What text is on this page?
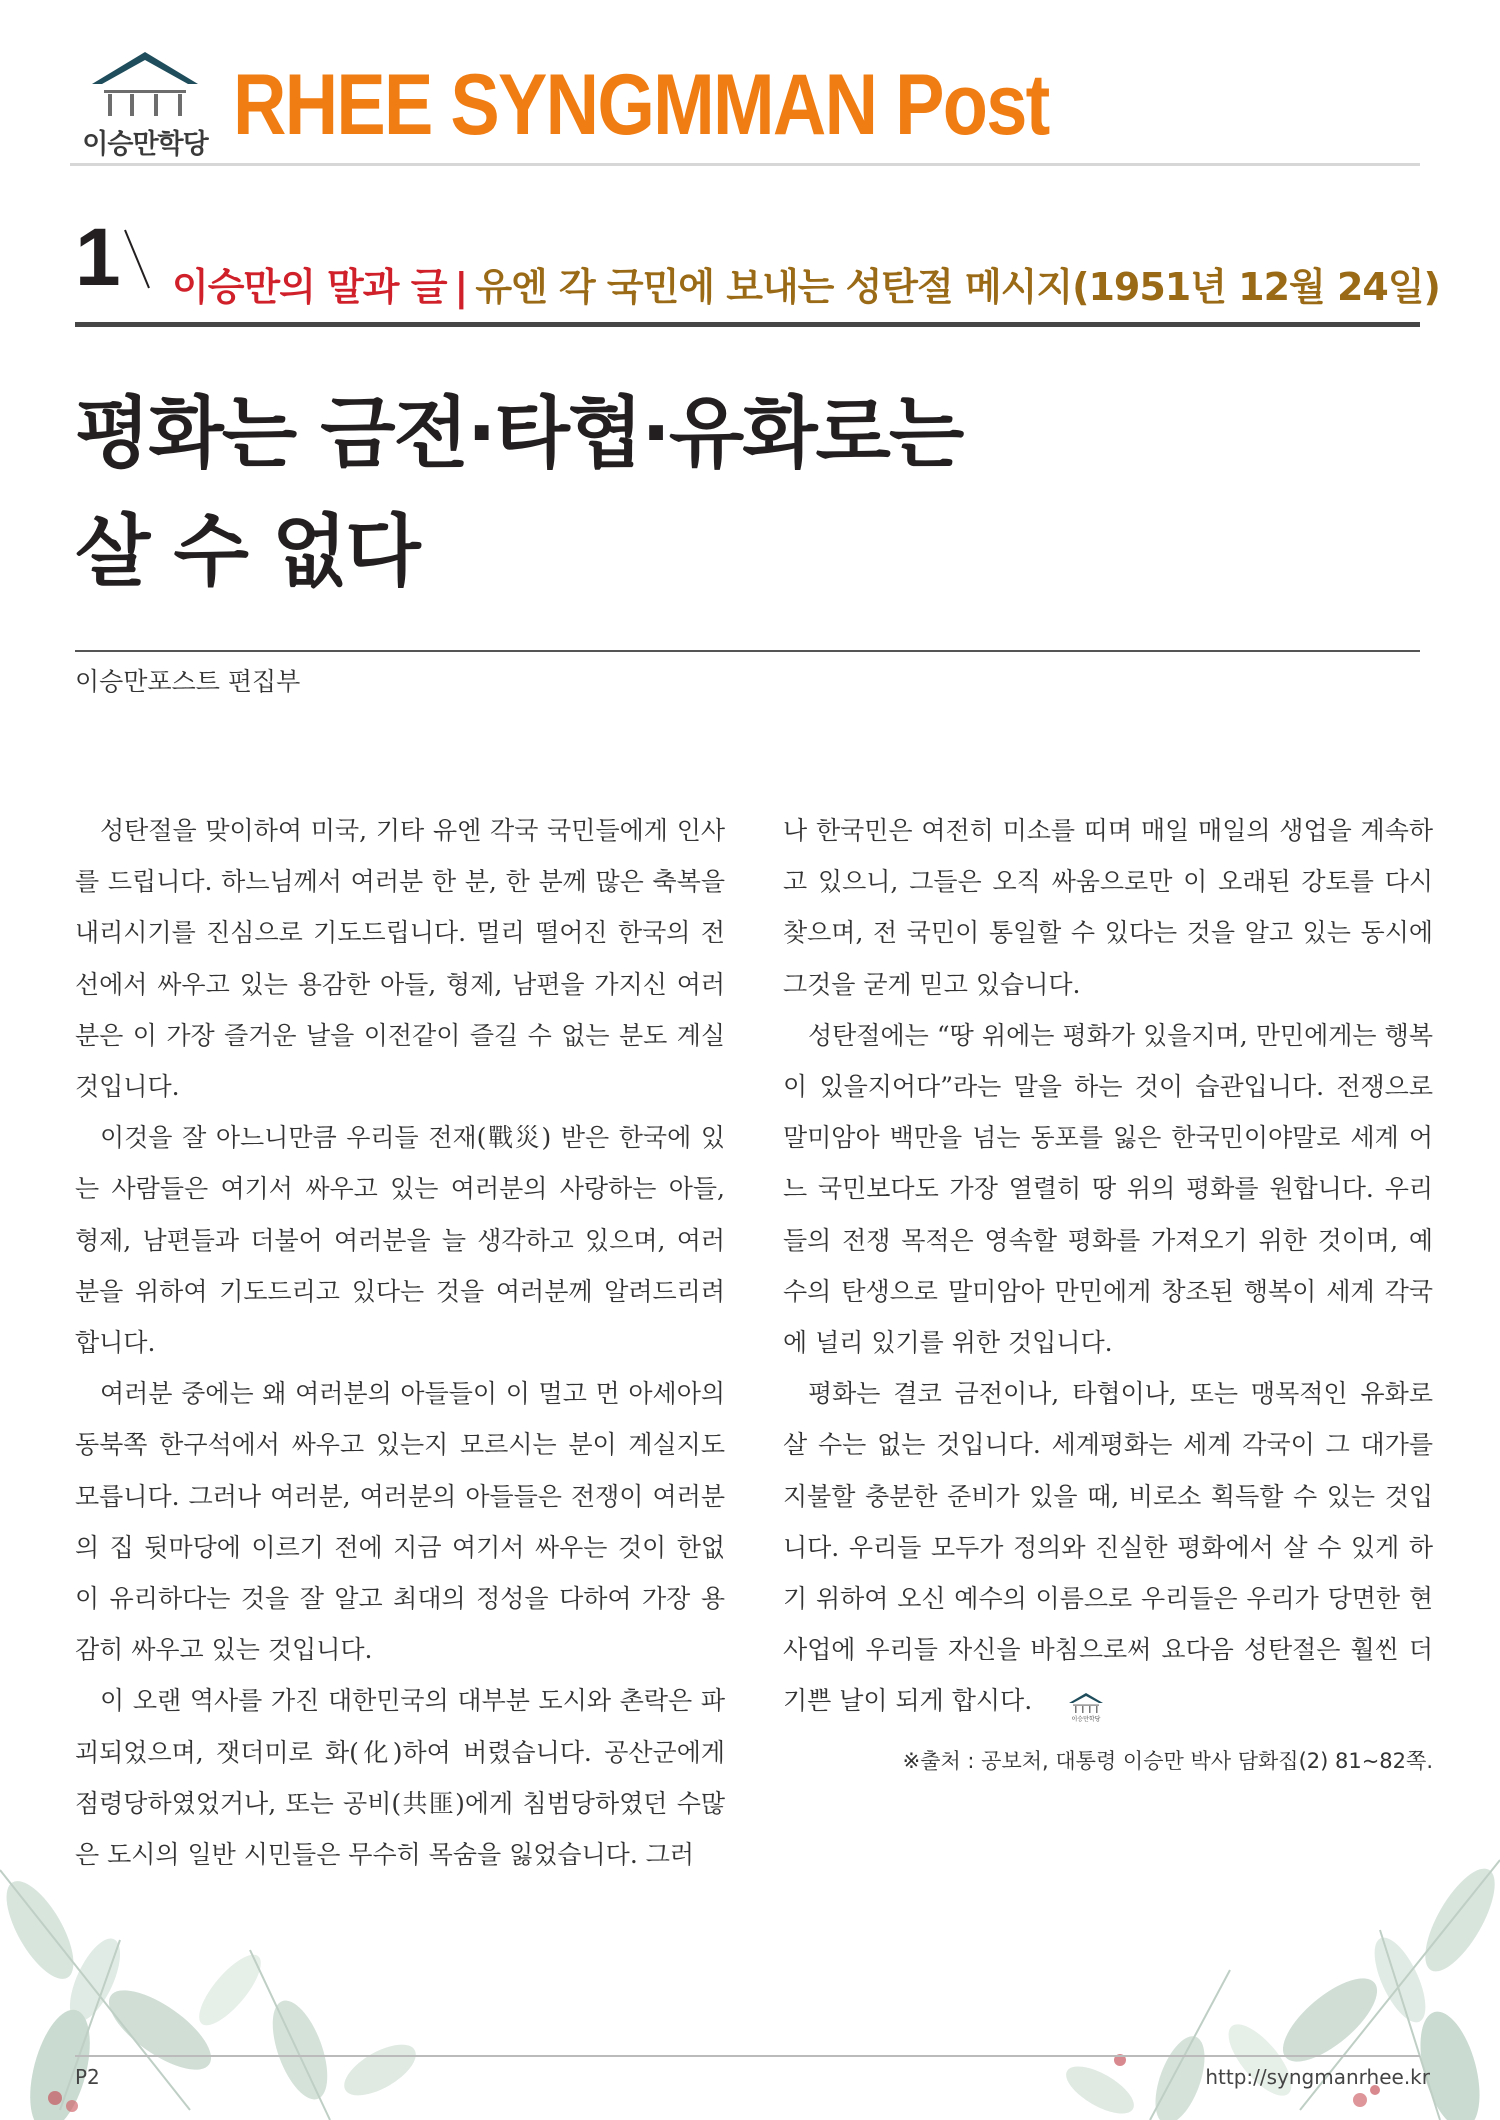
이승만학당 RHEE SYNGMMAN Post
1 이승만의 말과 글 | 유엔 각 국민에 보내는 성탄절 메시지(1951년 12월 24일)
평화는 금전·타협·유화로는
살 수 없다
이승만포스트 편집부

성탄절을 맞이하여 미국, 기타 유엔 각국 국민들에게 인사를 드립니다. 하느님께서 여러분 한 분, 한 분께 많은 축복을 내리시기를 진심으로 기도드립니다. 멀리 떨어진 한국의 전선에서 싸우고 있는 용감한 아들, 형제, 남편을 가지신 여러분은 이 가장 즐거운 날을 이전같이 즐길 수 없는 분도 계실 것입니다.

이것을 잘 아느니만큼 우리들 전재(戰災) 받은 한국에 있는 사람들은 여기서 싸우고 있는 여러분의 사랑하는 아들, 형제, 남편들과 더불어 여러분을 늘 생각하고 있으며, 여러분을 위하여 기도드리고 있다는 것을 여러분께 알려드리려 합니다.

여러분 중에는 왜 여러분의 아들들이 이 멀고 먼 아세아의 동북쪽 한구석에서 싸우고 있는지 모르시는 분이 계실지도 모릅니다. 그러나 여러분, 여러분의 아들들은 전쟁이 여러분의 집 뒷마당에 이르기 전에 지금 여기서 싸우는 것이 한없이 유리하다는 것을 잘 알고 최대의 정성을 다하여 가장 용감히 싸우고 있는 것입니다.

이 오랜 역사를 가진 대한민국의 대부분 도시와 촌락은 파괴되었으며, 잿더미로 화(化)하여 버렸습니다. 공산군에게 점령당하였었거나, 또는 공비(共匪)에게 침범당하였던 수많은 도시의 일반 시민들은 무수히 목숨을 잃었습니다. 그러

나 한국민은 여전히 미소를 띠며 매일 매일의 생업을 계속하고 있으니, 그들은 오직 싸움으로만 이 오래된 강토를 다시 찾으며, 전 국민이 통일할 수 있다는 것을 알고 있는 동시에 그것을 굳게 믿고 있습니다.

성탄절에는 “땅 위에는 평화가 있을지며, 만민에게는 행복이 있을지어다”라는 말을 하는 것이 습관입니다. 전쟁으로 말미암아 백만을 넘는 동포를 잃은 한국민이야말로 세계 어느 국민보다도 가장 열렬히 땅 위의 평화를 원합니다. 우리들의 전쟁 목적은 영속할 평화를 가져오기 위한 것이며, 예수의 탄생으로 말미암아 만민에게 창조된 행복이 세계 각국에 널리 있기를 위한 것입니다.

평화는 결코 금전이나, 타협이나, 또는 맹목적인 유화로 살 수는 없는 것입니다. 세계평화는 세계 각국이 그 대가를 지불할 충분한 준비가 있을 때, 비로소 획득할 수 있는 것입니다. 우리들 모두가 정의와 진실한 평화에서 살 수 있게 하기 위하여 오신 예수의 이름으로 우리들은 우리가 당면한 현 사업에 우리들 자신을 바침으로써 요다음 성탄절은 훨씬 더 기쁜 날이 되게 합시다.
이승만학당

※출처 : 공보처, 대통령 이승만 박사 담화집(2) 81~82쪽.
P2	http://syngmanrhee.kr
